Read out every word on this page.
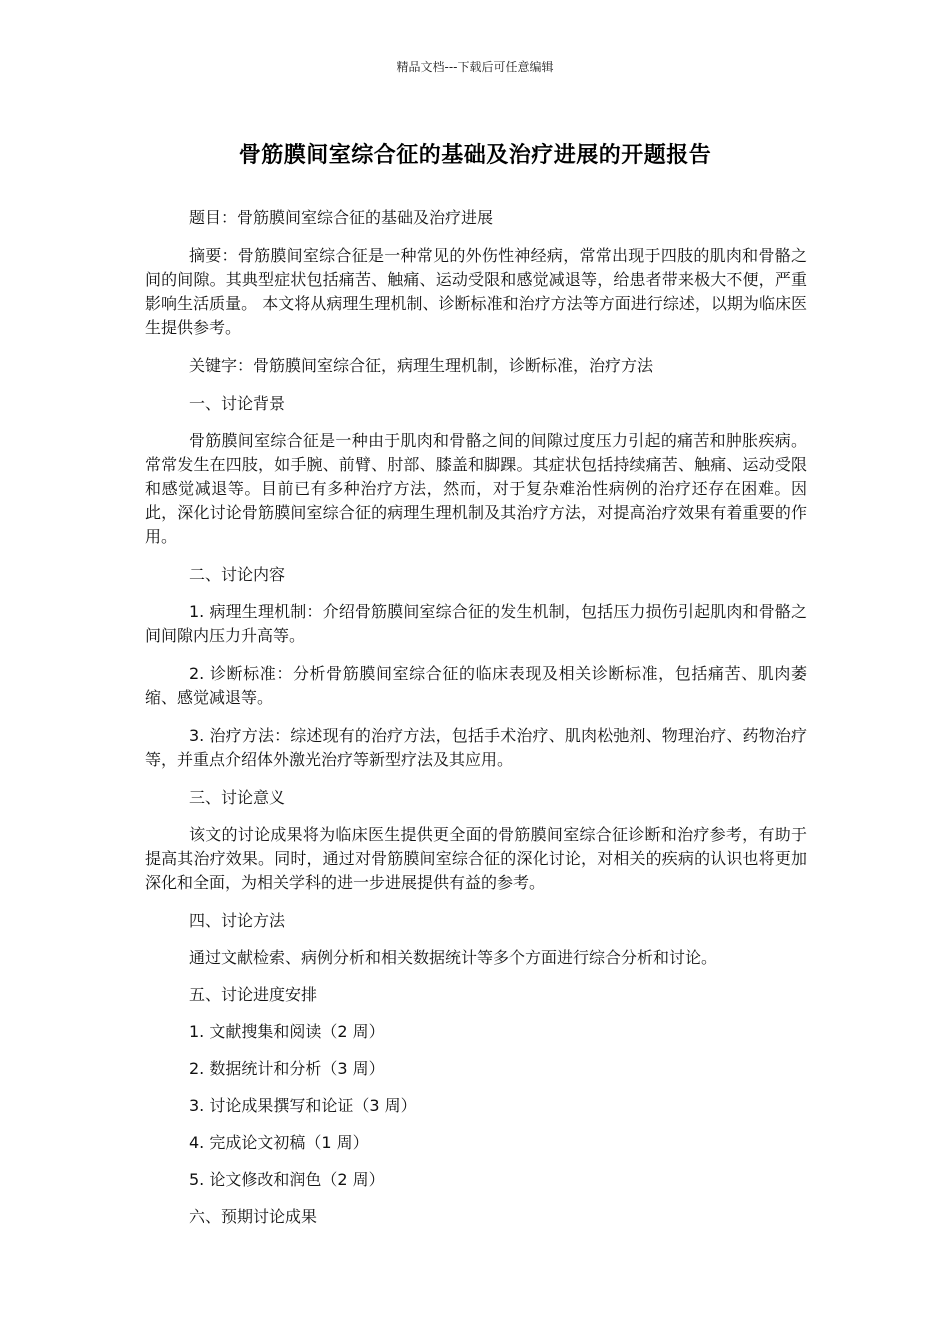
精品文档---下载后可任意编辑
骨筋膜间室综合征的基础及治疗进展的开题报告

题目：骨筋膜间室综合征的基础及治疗进展

摘要：骨筋膜间室综合征是一种常见的外伤性神经病，常常出现于四肢的肌肉和骨骼之间的间隙。其典型症状包括痛苦、触痛、运动受限和感觉减退等，给患者带来极大不便，严重影响生活质量。 本文将从病理生理机制、诊断标准和治疗方法等方面进行综述，以期为临床医生提供参考。

关键字：骨筋膜间室综合征，病理生理机制，诊断标准，治疗方法

一、讨论背景

骨筋膜间室综合征是一种由于肌肉和骨骼之间的间隙过度压力引起的痛苦和肿胀疾病。常常发生在四肢，如手腕、前臂、肘部、膝盖和脚踝。其症状包括持续痛苦、触痛、运动受限和感觉减退等。目前已有多种治疗方法，然而，对于复杂难治性病例的治疗还存在困难。因此，深化讨论骨筋膜间室综合征的病理生理机制及其治疗方法，对提高治疗效果有着重要的作用。

二、讨论内容

1. 病理生理机制：介绍骨筋膜间室综合征的发生机制，包括压力损伤引起肌肉和骨骼之间间隙内压力升高等。

2. 诊断标准：分析骨筋膜间室综合征的临床表现及相关诊断标准，包括痛苦、肌肉萎缩、感觉减退等。

3. 治疗方法：综述现有的治疗方法，包括手术治疗、肌肉松弛剂、物理治疗、药物治疗等，并重点介绍体外激光治疗等新型疗法及其应用。

三、讨论意义

该文的讨论成果将为临床医生提供更全面的骨筋膜间室综合征诊断和治疗参考，有助于提高其治疗效果。同时，通过对骨筋膜间室综合征的深化讨论，对相关的疾病的认识也将更加深化和全面，为相关学科的进一步进展提供有益的参考。

四、讨论方法

通过文献检索、病例分析和相关数据统计等多个方面进行综合分析和讨论。

五、讨论进度安排

1. 文献搜集和阅读（2 周）

2. 数据统计和分析（3 周）

3. 讨论成果撰写和论证（3 周）

4. 完成论文初稿（1 周）

5. 论文修改和润色（2 周）

六、预期讨论成果
